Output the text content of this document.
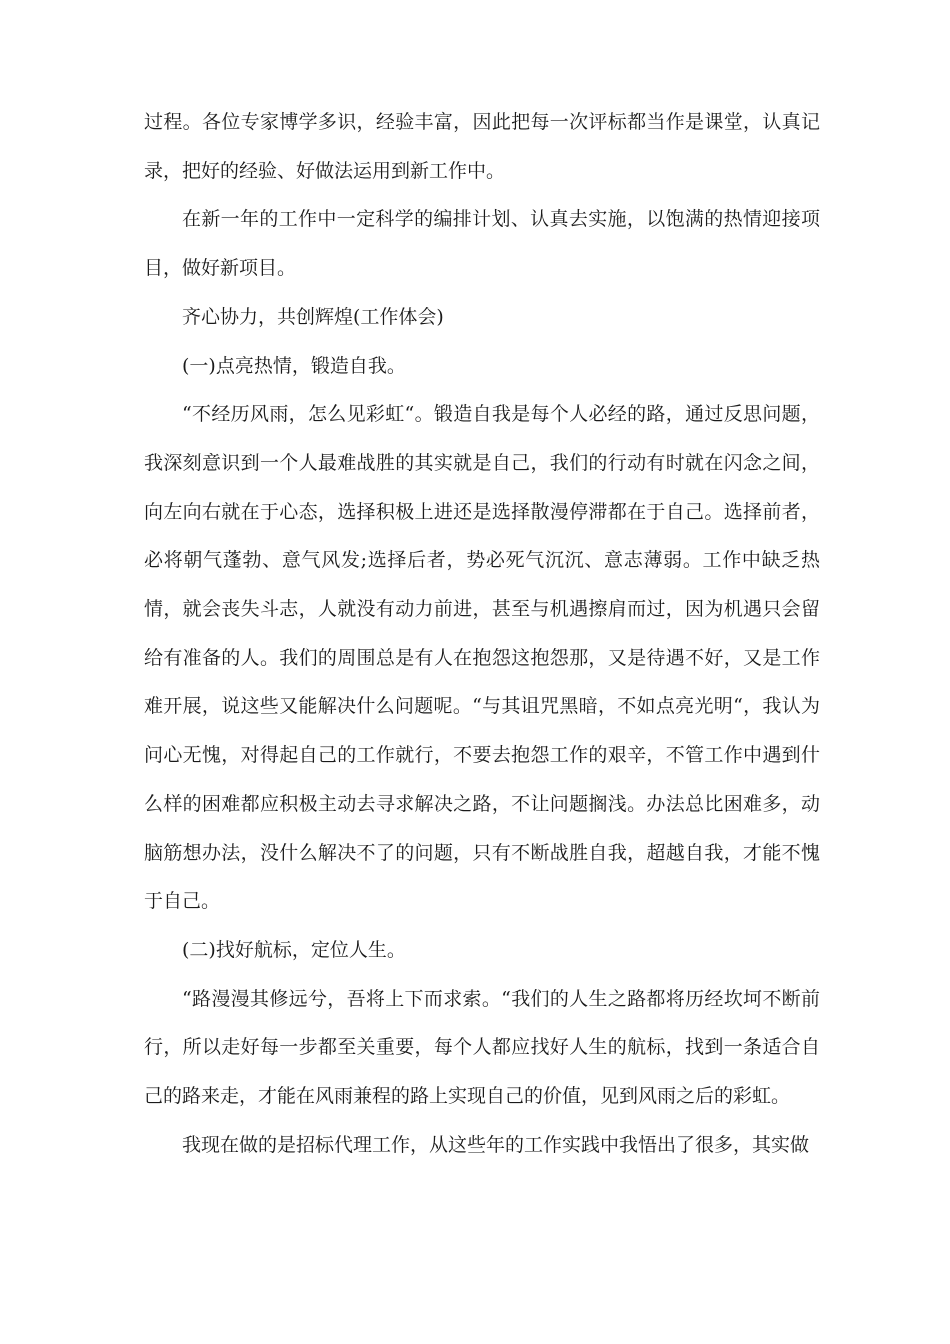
过程。各位专家博学多识，经验丰富，因此把每一次评标都当作是课堂，认真记录，把好的经验、好做法运用到新工作中。

在新一年的工作中一定科学的编排计划、认真去实施，以饱满的热情迎接项目，做好新项目。

齐心协力，共创辉煌(工作体会)

(一)点亮热情，锻造自我。

“不经历风雨，怎么见彩虹“。锻造自我是每个人必经的路，通过反思问题，我深刻意识到一个人最难战胜的其实就是自己，我们的行动有时就在闪念之间，向左向右就在于心态，选择积极上进还是选择散漫停滞都在于自己。选择前者，必将朝气蓬勃、意气风发;选择后者，势必死气沉沉、意志薄弱。工作中缺乏热情，就会丧失斗志，人就没有动力前进，甚至与机遇擦肩而过，因为机遇只会留给有准备的人。我们的周围总是有人在抱怨这抱怨那，又是待遇不好，又是工作难开展，说这些又能解决什么问题呢。“与其诅咒黑暗，不如点亮光明“，我认为问心无愧，对得起自己的工作就行，不要去抱怨工作的艰辛，不管工作中遇到什么样的困难都应积极主动去寻求解决之路，不让问题搁浅。办法总比困难多，动脑筋想办法，没什么解决不了的问题，只有不断战胜自我，超越自我，才能不愧于自己。

(二)找好航标，定位人生。

“路漫漫其修远兮，吾将上下而求索。“我们的人生之路都将历经坎坷不断前行，所以走好每一步都至关重要，每个人都应找好人生的航标，找到一条适合自己的路来走，才能在风雨兼程的路上实现自己的价值，见到风雨之后的彩虹。

我现在做的是招标代理工作，从这些年的工作实践中我悟出了很多，其实做
